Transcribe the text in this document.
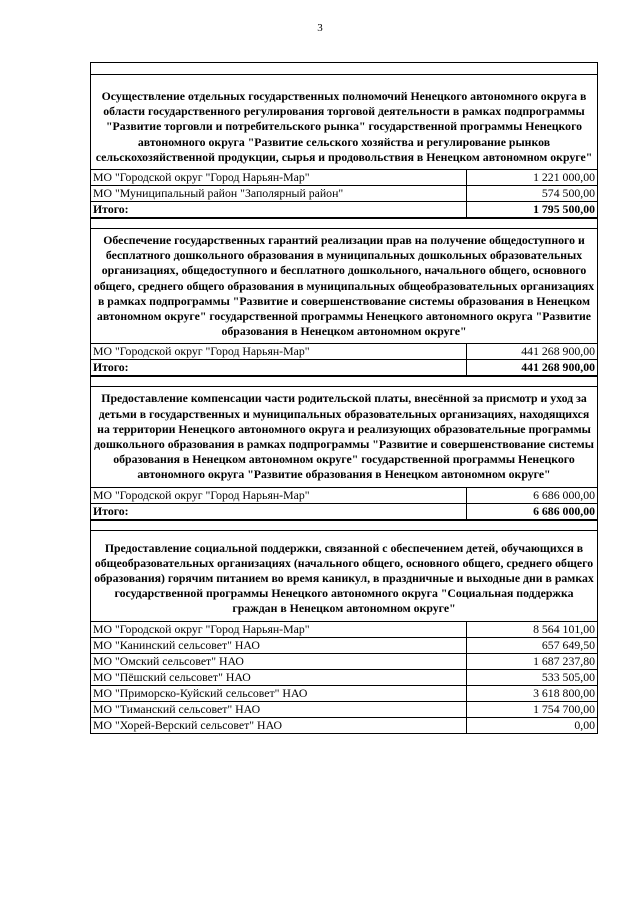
3
Осуществление отдельных государственных полномочий Ненецкого автономного округа в области государственного регулирования торговой деятельности в рамках подпрограммы "Развитие торговли и потребительского рынка" государственной программы Ненецкого автономного округа "Развитие сельского хозяйства и регулирование рынков сельскохозяйственной продукции, сырья и продовольствия в Ненецком автономном округе"
МО "Городской округ "Город Нарьян-Мар"	1 221 000,00
МО "Муниципальный район "Заполярный район"	574 500,00
Итого:	1 795 500,00
Обеспечение государственных гарантий реализации прав на получение общедоступного и бесплатного дошкольного образования в муниципальных дошкольных образовательных организациях, общедоступного и бесплатного дошкольного, начального общего, основного общего, среднего общего образования в муниципальных общеобразовательных организациях в рамках подпрограммы "Развитие и совершенствование системы образования в Ненецком автономном округе" государственной программы Ненецкого автономного округа "Развитие образования в Ненецком автономном округе"
МО "Городской округ "Город Нарьян-Мар"	441 268 900,00
Итого:	441 268 900,00
Предоставление компенсации части родительской платы, внесённой за присмотр и уход за детьми в государственных и муниципальных образовательных организациях, находящихся на территории Ненецкого автономного округа и реализующих образовательные программы дошкольного образования в рамках подпрограммы "Развитие и совершенствование системы образования в Ненецком автономном округе" государственной программы Ненецкого автономного округа "Развитие образования в Ненецком автономном округе"
МО "Городской округ "Город Нарьян-Мар"	6 686 000,00
Итого:	6 686 000,00
Предоставление социальной поддержки, связанной с обеспечением детей, обучающихся в общеобразовательных организациях (начального общего, основного общего, среднего общего образования) горячим питанием во время каникул, в праздничные и выходные дни в рамках государственной программы Ненецкого автономного округа "Социальная поддержка граждан в Ненецком автономном округе"
МО "Городской округ "Город Нарьян-Мар"	8 564 101,00
МО "Канинский сельсовет" НАО	657 649,50
МО "Омский сельсовет" НАО	1 687 237,80
МО "Пёшский сельсовет" НАО	533 505,00
МО "Приморско-Куйский сельсовет" НАО	3 618 800,00
МО "Тиманский сельсовет" НАО	1 754 700,00
МО "Хорей-Верский сельсовет" НАО	0,00
